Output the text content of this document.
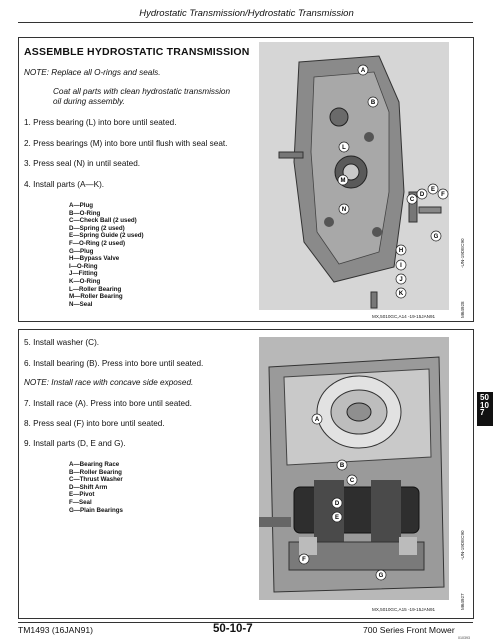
Hydrostatic Transmission/Hydrostatic Transmission
ASSEMBLE HYDROSTATIC TRANSMISSION
NOTE: Replace all O-rings and seals.
Coat all parts with clean hydrostatic transmission
oil during assembly.
1. Press bearing (L) into bore until seated.
2. Press bearings (M) into bore until flush with seal seat.
3. Press seal (N) in until seated.
4. Install parts (A—K).
A—Plug
B—O-Ring
C—Check Ball (2 used)
D—Spring (2 used)
E—Spring Guide (2 used)
F—O-Ring (2 used)
G—Plug
H—Bypass Valve
I—O-Ring
J—Fitting
K—O-Ring
L—Roller Bearing
M—Roller Bearing
N—Seal
A
B
C
D
E
F
G
H
I
J
K
L
M
N
MX,5010GC,A14 -19-15JAN91	M64928
-UN-19DEC90
5. Install washer (C).
6. Install bearing (B). Press into bore until seated.
NOTE: Install race with concave side exposed.
7. Install race (A). Press into bore until seated.
8. Press seal (F) into bore until seated.
9. Install parts (D, E and G).
A—Bearing Race
B—Roller Bearing
C—Thrust Washer
D—Shift Arm
E—Pivot
F—Seal
G—Plain Bearings
A
B
C
D
E
F
G
MX,5010GC,A15 -19-15JAN91	M64927
-UN-19DEC90
50
10
7
TM1493 (16JAN91)	50-10-7	700 Series Front Mower
010393
